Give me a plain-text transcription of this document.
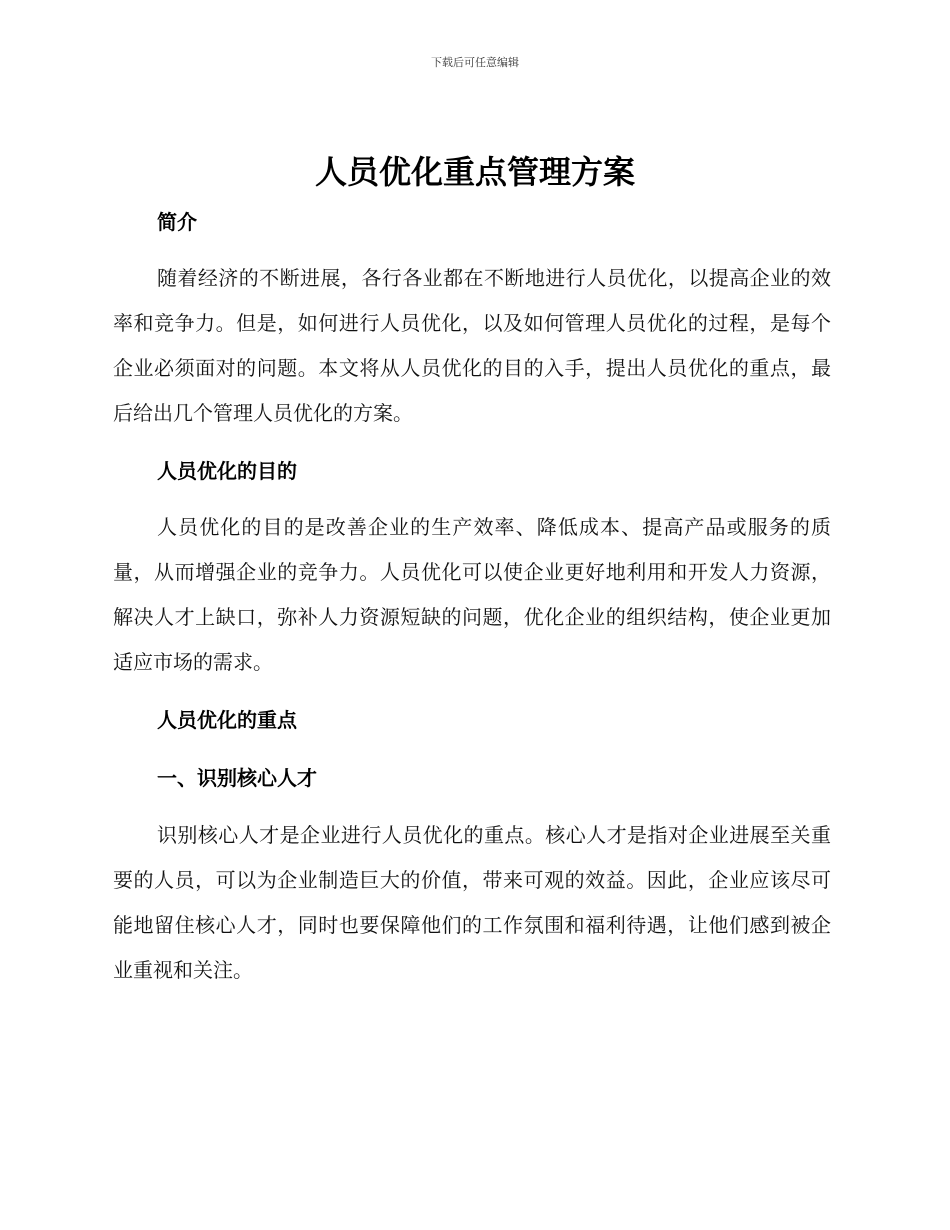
下载后可任意编辑
人员优化重点管理方案
简介

随着经济的不断进展，各行各业都在不断地进行人员优化，以提高企业的效率和竞争力。但是，如何进行人员优化，以及如何管理人员优化的过程，是每个企业必须面对的问题。本文将从人员优化的目的入手，提出人员优化的重点，最后给出几个管理人员优化的方案。

人员优化的目的

人员优化的目的是改善企业的生产效率、降低成本、提高产品或服务的质量，从而增强企业的竞争力。人员优化可以使企业更好地利用和开发人力资源，解决人才上缺口，弥补人力资源短缺的问题，优化企业的组织结构，使企业更加适应市场的需求。

人员优化的重点
一、识别核心人才

识别核心人才是企业进行人员优化的重点。核心人才是指对企业进展至关重要的人员，可以为企业制造巨大的价值，带来可观的效益。因此，企业应该尽可能地留住核心人才，同时也要保障他们的工作氛围和福利待遇，让他们感到被企业重视和关注。
